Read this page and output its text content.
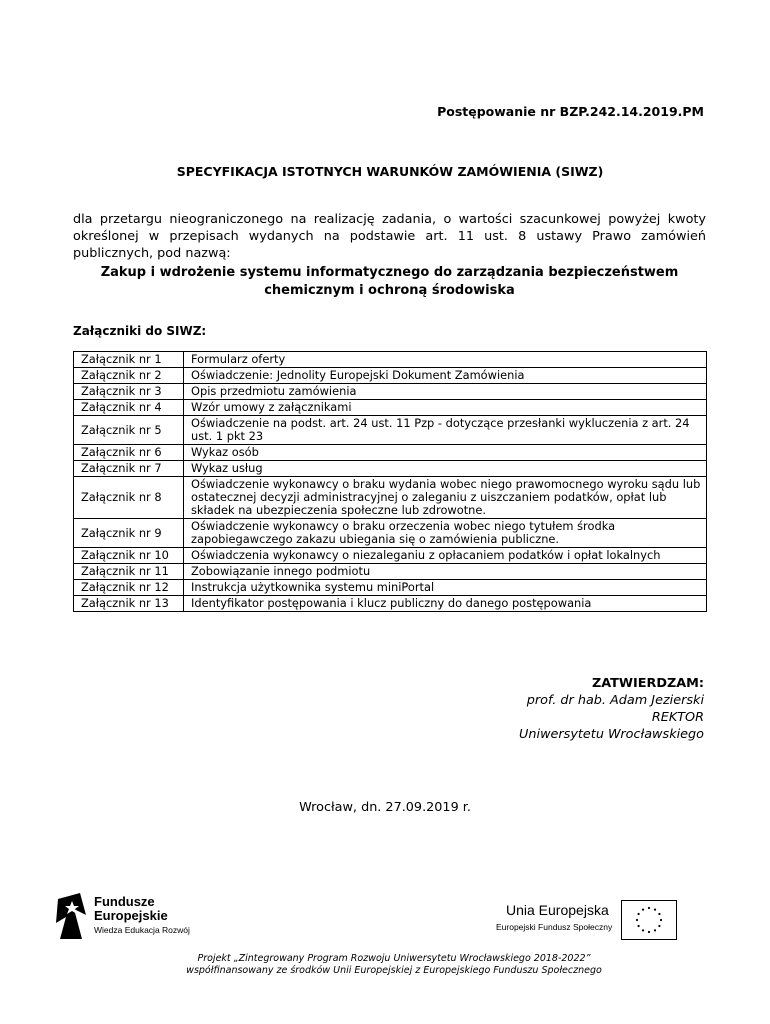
Postępowanie nr BZP.242.14.2019.PM
SPECYFIKACJA ISTOTNYCH WARUNKÓW ZAMÓWIENIA (SIWZ)
dla przetargu nieograniczonego na realizację zadania, o wartości szacunkowej powyżej kwoty określonej w przepisach wydanych na podstawie art. 11 ust. 8 ustawy Prawo zamówień publicznych, pod nazwą:
Zakup i wdrożenie systemu informatycznego do zarządzania bezpieczeństwem
chemicznym i ochroną środowiska
Załączniki do SIWZ:
Załącznik nr 1	Formularz oferty
Załącznik nr 2	Oświadczenie: Jednolity Europejski Dokument Zamówienia
Załącznik nr 3	Opis przedmiotu zamówienia
Załącznik nr 4	Wzór umowy z załącznikami
Załącznik nr 5	Oświadczenie na podst. art. 24 ust. 11 Pzp - dotyczące przesłanki wykluczenia z art. 24 ust. 1 pkt 23
Załącznik nr 6	Wykaz osób
Załącznik nr 7	Wykaz usług
Załącznik nr 8	Oświadczenie wykonawcy o braku wydania wobec niego prawomocnego wyroku sądu lub ostatecznej decyzji administracyjnej o zaleganiu z uiszczaniem podatków, opłat lub składek na ubezpieczenia społeczne lub zdrowotne.
Załącznik nr 9	Oświadczenie wykonawcy o braku orzeczenia wobec niego tytułem środka zapobiegawczego zakazu ubiegania się o zamówienia publiczne.
Załącznik nr 10	Oświadczenia wykonawcy o niezaleganiu z opłacaniem podatków i opłat lokalnych
Załącznik nr 11	Zobowiązanie innego podmiotu
Załącznik nr 12	Instrukcja użytkownika systemu miniPortal
Załącznik nr 13	Identyfikator postępowania i klucz publiczny do danego postępowania
ZATWIERDZAM:
prof. dr hab. Adam Jezierski
REKTOR
Uniwersytetu Wrocławskiego
Wrocław, dn. 27.09.2019 r.
Fundusze
Europejskie
Wiedza Edukacja Rozwój
Unia Europejska
Europejski Fundusz Społeczny
Projekt „Zintegrowany Program Rozwoju Uniwersytetu Wrocławskiego 2018-2022”
współfinansowany ze środków Unii Europejskiej z Europejskiego Funduszu Społecznego
